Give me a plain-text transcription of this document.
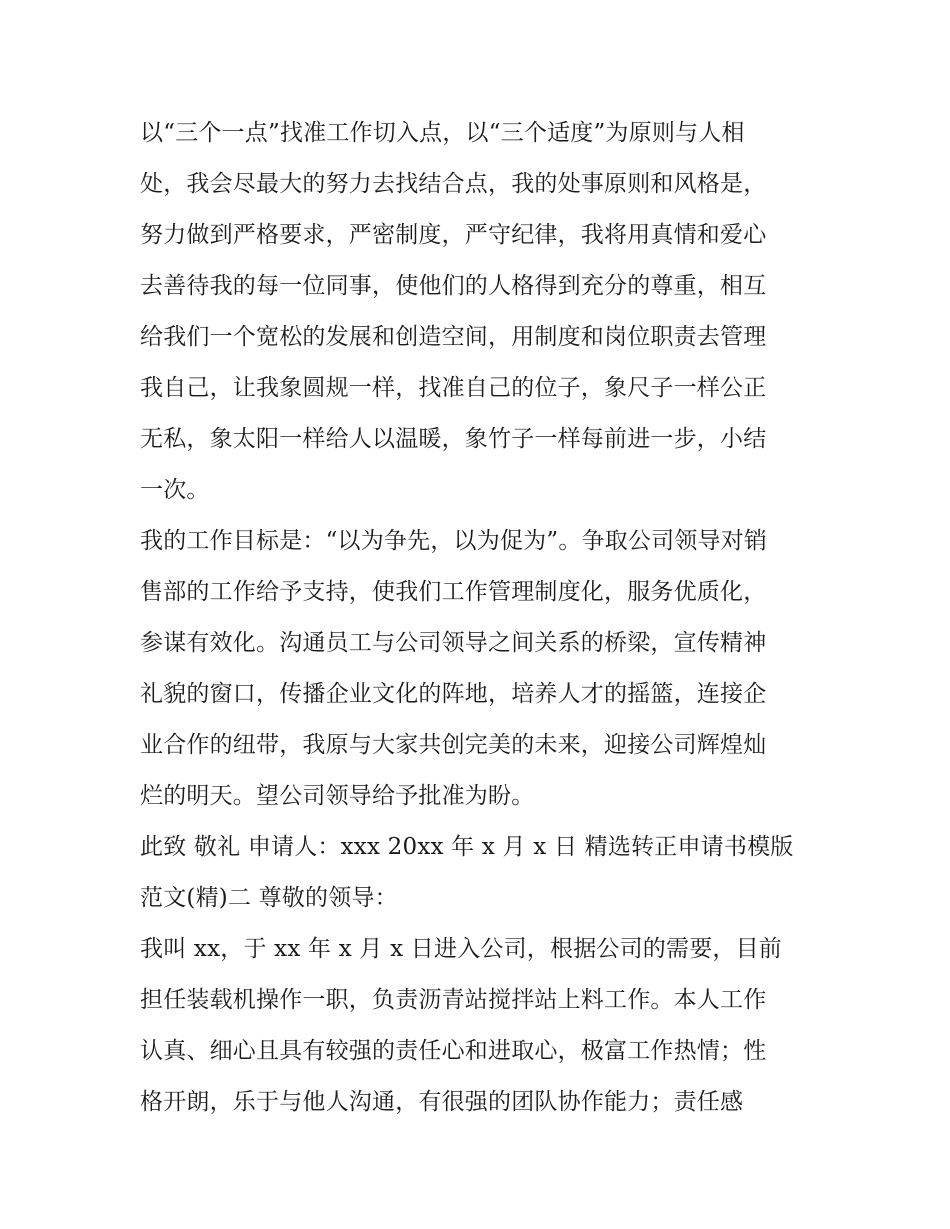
以“三个一点”找准工作切入点，以“三个适度”为原则与人相
处，我会尽最大的努力去找结合点，我的处事原则和风格是，
努力做到严格要求，严密制度，严守纪律，我将用真情和爱心
去善待我的每一位同事，使他们的人格得到充分的尊重，相互
给我们一个宽松的发展和创造空间，用制度和岗位职责去管理
我自己，让我象圆规一样，找准自己的位子，象尺子一样公正
无私，象太阳一样给人以温暖，象竹子一样每前进一步，小结
一次。
我的工作目标是：“以为争先，以为促为”。争取公司领导对销
售部的工作给予支持，使我们工作管理制度化，服务优质化，
参谋有效化。沟通员工与公司领导之间关系的桥梁，宣传精神
礼貌的窗口，传播企业文化的阵地，培养人才的摇篮，连接企
业合作的纽带，我原与大家共创完美的未来，迎接公司辉煌灿
烂的明天。望公司领导给予批准为盼。
此致 敬礼 申请人：xxx 20xx 年 x 月 x 日 精选转正申请书模版
范文(精)二 尊敬的领导：
我叫 xx，于 xx 年 x 月 x 日进入公司，根据公司的需要，目前
担任装载机操作一职，负责沥青站搅拌站上料工作。本人工作
认真、细心且具有较强的责任心和进取心，极富工作热情；性
格开朗，乐于与他人沟通，有很强的团队协作能力；责任感
